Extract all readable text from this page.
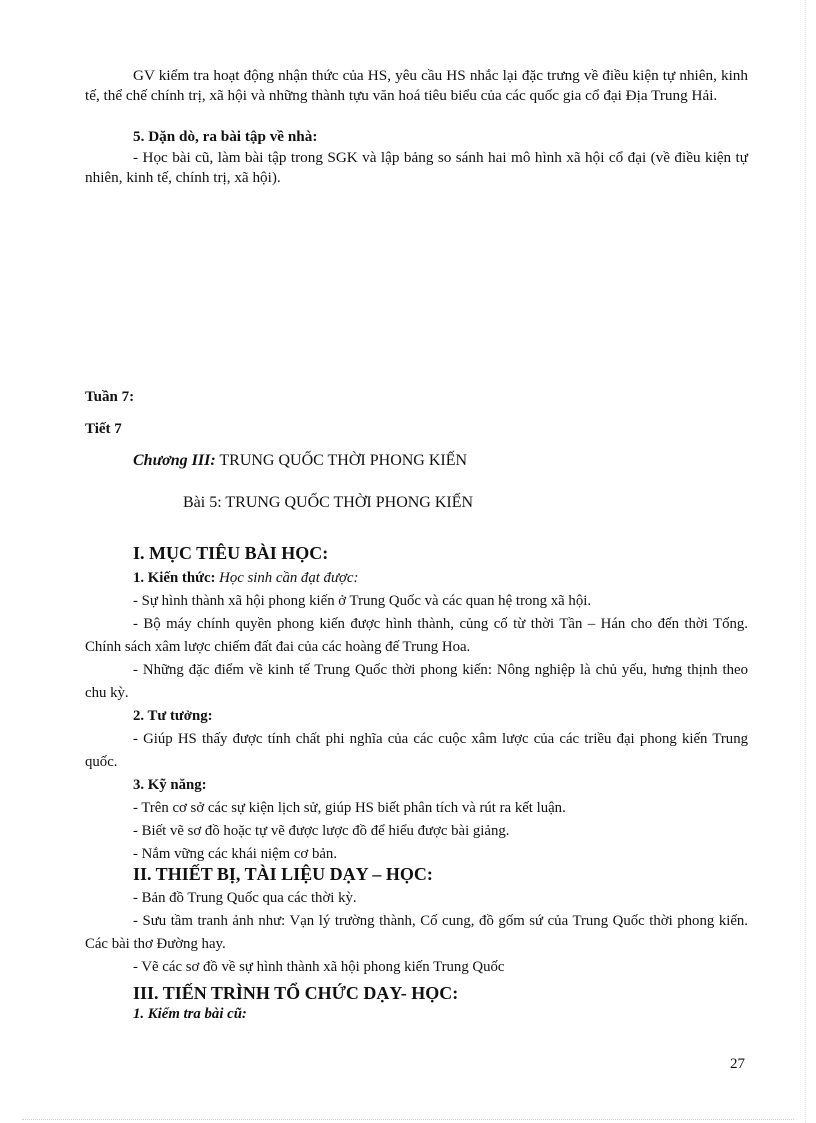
GV kiểm tra hoạt động nhận thức của HS, yêu cầu HS nhắc lại đặc trưng về điều kiện tự nhiên, kinh tế, thể chế chính trị, xã hội và những thành tựu văn hoá tiêu biểu của các quốc gia cổ đại Địa Trung Hải.

5. Dặn dò, ra bài tập về nhà:

- Học bài cũ, làm bài tập trong SGK và lập bảng so sánh hai mô hình xã hội cổ đại (về điều kiện tự nhiên, kinh tế, chính trị, xã hội).

Tuần 7:
Tiết 7
Chương III: TRUNG QUỐC THỜI PHONG KIẾN
Bài 5: TRUNG QUỐC THỜI PHONG KIẾN
I. MỤC TIÊU BÀI HỌC:
1. Kiến thức: Học sinh cần đạt được:
- Sự hình thành xã hội phong kiến ở Trung Quốc và các quan hệ trong xã hội.
- Bộ máy chính quyền phong kiến được hình thành, củng cố từ thời Tần – Hán cho đến thời Tống. Chính sách xâm lược chiếm đất đai của các hoàng đế Trung Hoa.
- Những đặc điểm về kinh tế Trung Quốc thời phong kiến: Nông nghiệp là chủ yếu, hưng thịnh theo chu kỳ.
2. Tư tưởng:
- Giúp HS thấy được tính chất phi nghĩa của các cuộc xâm lược của các triều đại phong kiến Trung quốc.
3. Kỹ năng:
- Trên cơ sở các sự kiện lịch sử, giúp HS biết phân tích và rút ra kết luận.
- Biết vẽ sơ đồ hoặc tự vẽ được lược đồ để hiểu được bài giảng.
- Nắm vững các khái niệm cơ bản.
II. THIẾT BỊ, TÀI LIỆU DẠY – HỌC:
- Bản đồ Trung Quốc qua các thời kỳ.
- Sưu tầm tranh ảnh như: Vạn lý trường thành, Cố cung, đồ gốm sứ của Trung Quốc thời phong kiến. Các bài thơ Đường hay.
- Vẽ các sơ đồ về sự hình thành xã hội phong kiến Trung Quốc
III. TIẾN TRÌNH TỔ CHỨC DẠY- HỌC:
1. Kiểm tra bài cũ:
27
